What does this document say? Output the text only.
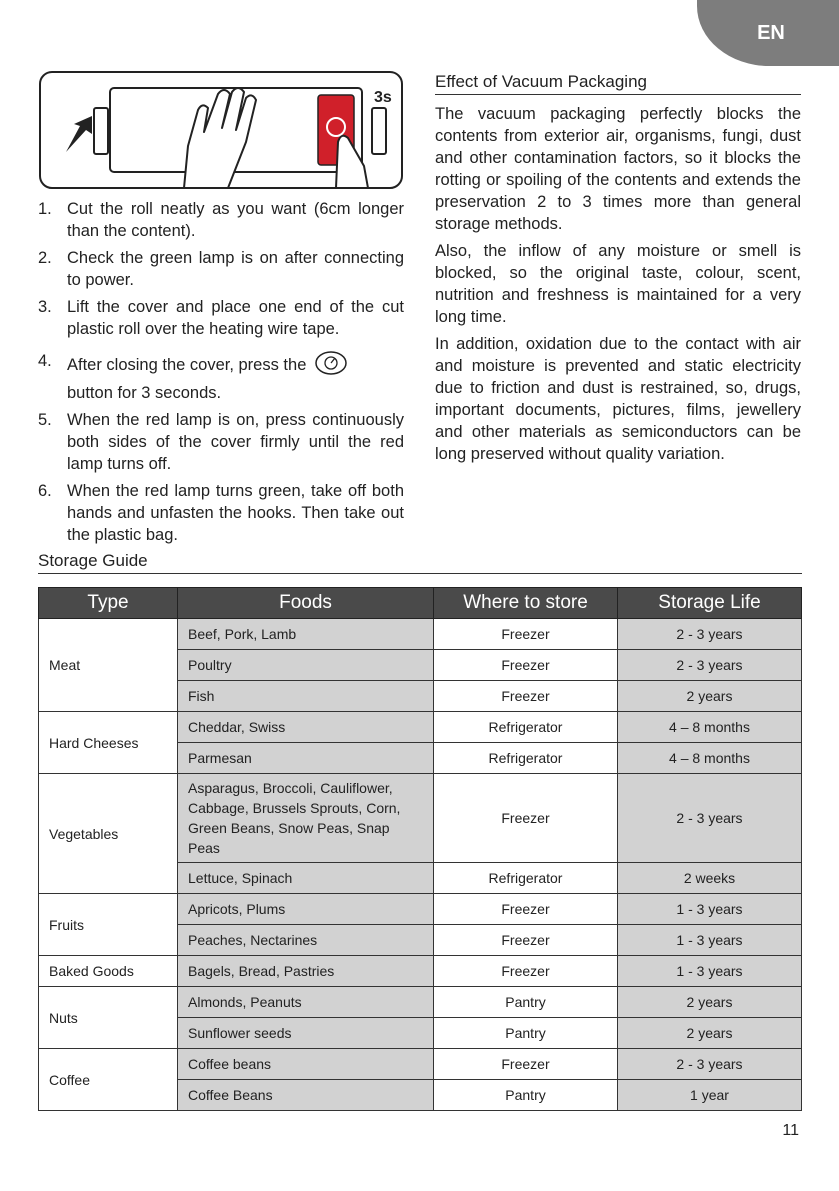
EN
3s
1. Cut the roll neatly as you want (6cm longer than the content).
2. Check the green lamp is on after connecting to power.
3. Lift the cover and place one end of the cut plastic roll over the heating wire tape.
4. After closing the cover, press the
button for 3 seconds.
5. When the red lamp is on, press continuously both sides of the cover firmly until the red lamp turns off.
6. When the red lamp turns green, take off both hands and unfasten the hooks. Then take out the plastic bag.
Effect of Vacuum Packaging

The vacuum packaging perfectly blocks the contents from exterior air, organisms, fungi, dust and other contamination factors, so it blocks the rotting or spoiling of the contents and extends the preservation 2 to 3 times more than general storage methods.

Also, the inflow of any moisture or smell is blocked, so the original taste, colour, scent, nutrition and freshness is maintained for a very long time.

In addition, oxidation due to the contact with air and moisture is prevented and static electricity due to friction and dust is restrained, so, drugs, important documents, pictures, films, jewellery and other materials as semiconductors can be long preserved without quality variation.

Storage Guide
Type	Foods	Where to store	Storage Life
Meat	Beef, Pork, Lamb	Freezer	2 - 3 years
	Poultry	Freezer	2 - 3 years
	Fish	Freezer	2 years
Hard Cheeses	Cheddar, Swiss	Refrigerator	4 – 8 months
	Parmesan	Refrigerator	4 – 8 months
Vegetables	Asparagus, Broccoli, Cauliflower, Cabbage, Brussels Sprouts, Corn, Green Beans, Snow Peas, Snap Peas	Freezer	2 - 3 years
	Lettuce, Spinach	Refrigerator	2 weeks
Fruits	Apricots, Plums	Freezer	1 - 3 years
	Peaches, Nectarines	Freezer	1 - 3 years
Baked Goods	Bagels, Bread, Pastries	Freezer	1 - 3 years
Nuts	Almonds, Peanuts	Pantry	2 years
	Sunflower seeds	Pantry	2 years
Coffee	Coffee beans	Freezer	2 - 3 years
	Coffee Beans	Pantry	1 year
11
